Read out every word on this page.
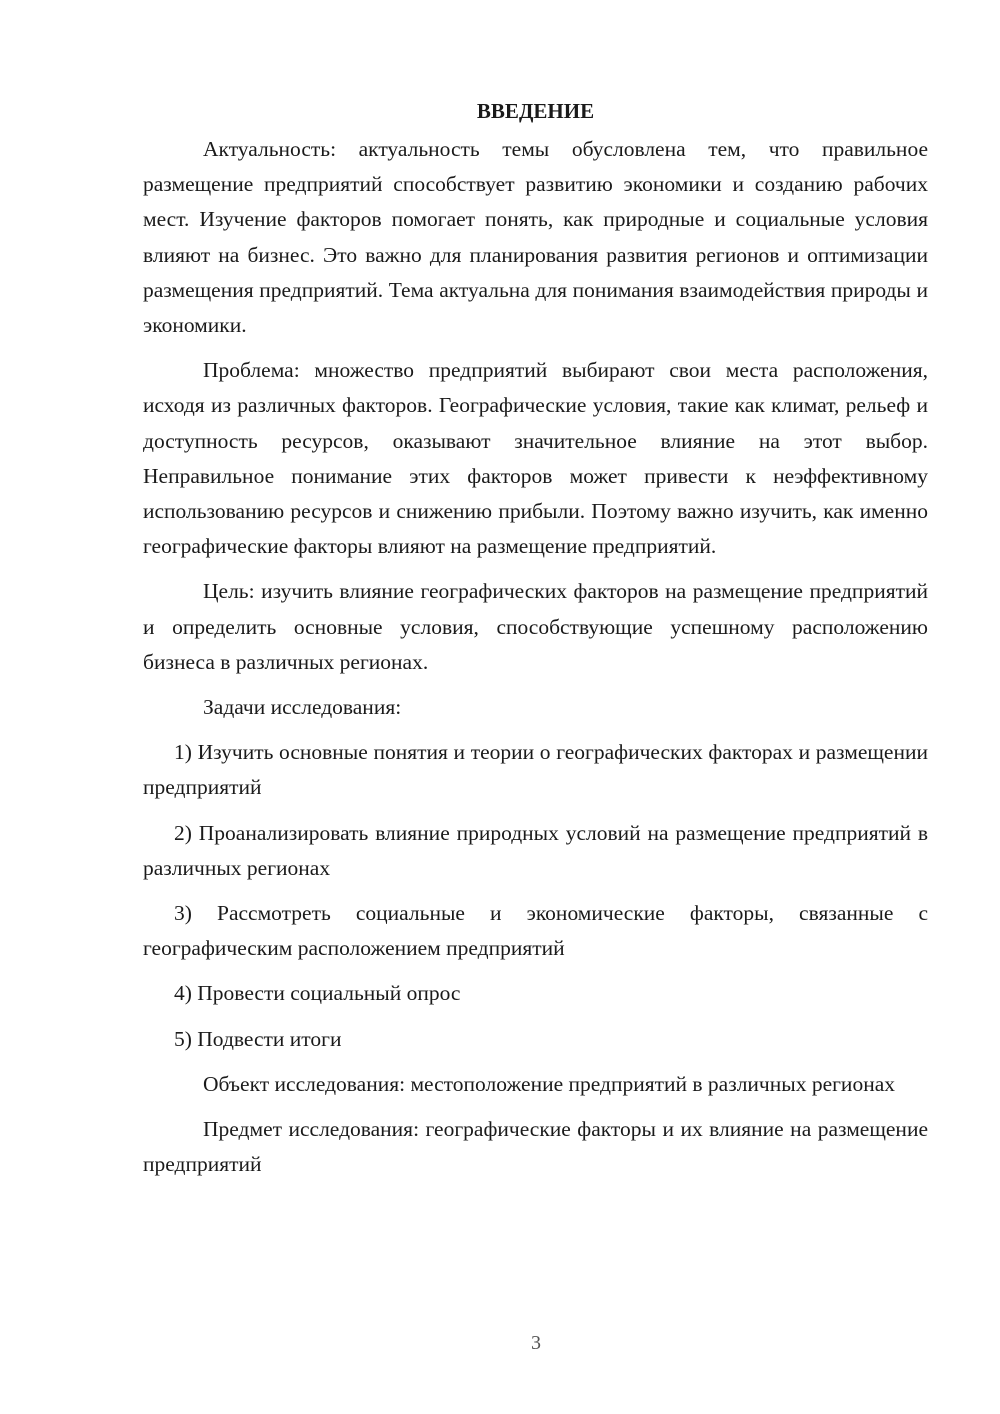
ВВЕДЕНИЕ

Актуальность: актуальность темы обусловлена тем, что правильное размещение предприятий способствует развитию экономики и созданию рабочих мест. Изучение факторов помогает понять, как природные и социальные условия влияют на бизнес. Это важно для планирования развития регионов и оптимизации размещения предприятий. Тема актуальна для понимания взаимодействия природы и экономики.

Проблема: множество предприятий выбирают свои места расположения, исходя из различных факторов. Географические условия, такие как климат, рельеф и доступность ресурсов, оказывают значительное влияние на этот выбор. Неправильное понимание этих факторов может привести к неэффективному использованию ресурсов и снижению прибыли. Поэтому важно изучить, как именно географические факторы влияют на размещение предприятий.

Цель: изучить влияние географических факторов на размещение предприятий и определить основные условия, способствующие успешному расположению бизнеса в различных регионах.

Задачи исследования:

1) Изучить основные понятия и теории о географических факторах и размещении предприятий

2) Проанализировать влияние природных условий на размещение предприятий в различных регионах

3) Рассмотреть социальные и экономические факторы, связанные с географическим расположением предприятий

4) Провести социальный опрос

5) Подвести итоги

Объект исследования: местоположение предприятий в различных регионах

Предмет исследования: географические факторы и их влияние на размещение предприятий

3
